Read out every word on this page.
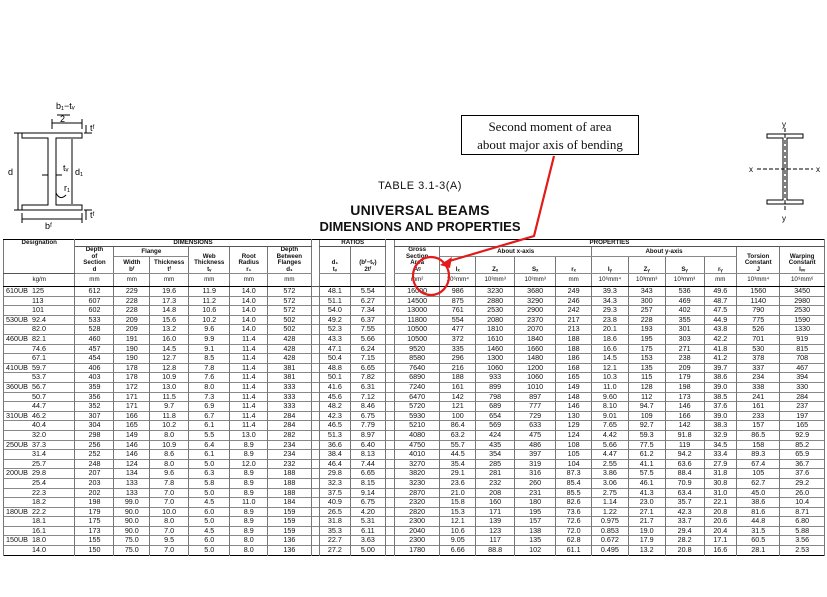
b₁−tᵥ
2
tᶠ
d	d₁
tᵥ
r₁
bᶠ
tᶠ
y
x	x
y
TABLE 3.1-3(A)
UNIVERSAL BEAMS
DIMENSIONS AND PROPERTIES
Second moment of area
about major axis of bending
Designation	DIMENSIONS							RATIOS			PROPERTIES										

	Depth
of
Section
d	Flange		Web
Thickness
tᵥ	Root
Radius
r₁	Depth
Between
Flanges
d₁		d₁
tᵥ	(bᶠ−tᵥ)
2tᶠ		Gross
Section
Area
Aᵍ	About x-axis				About y-axis				Torsion
Constant
J	Warping
Constant
Iᵥᵥ

		Width
bᶠ	Thickness
tᶠ									Iₓ	Zₓ	Sₓ	rₓ	Iᵧ	Zᵧ	Sᵧ	rᵧ		
kg/m	mm	mm	mm	mm	mm	mm					mm²	10⁶mm⁴	10³mm³	10³mm³	mm	10⁶mm⁴	10³mm³	10³mm³	mm	10³mm⁴	10⁹mm⁶
610UB 125	612	229	19.6	11.9	14.0	572		48.1	5.54		16000	986	3230	3680	249	39.3	343	536	49.6	1560	3450
113	607	228	17.3	11.2	14.0	572		51.1	6.27		14500	875	2880	3290	246	34.3	300	469	48.7	1140	2980
101	602	228	14.8	10.6	14.0	572		54.0	7.34		13000	761	2530	2900	242	29.3	257	402	47.5	790	2530
530UB 92.4	533	209	15.6	10.2	14.0	502		49.2	6.37		11800	554	2080	2370	217	23.8	228	355	44.9	775	1590
82.0	528	209	13.2	9.6	14.0	502		52.3	7.55		10500	477	1810	2070	213	20.1	193	301	43.8	526	1330
460UB 82.1	460	191	16.0	9.9	11.4	428		43.3	5.66		10500	372	1610	1840	188	18.6	195	303	42.2	701	919
74.6	457	190	14.5	9.1	11.4	428		47.1	6.24		9520	335	1460	1660	188	16.6	175	271	41.8	530	815
67.1	454	190	12.7	8.5	11.4	428		50.4	7.15		8580	296	1300	1480	186	14.5	153	238	41.2	378	708
410UB 59.7	406	178	12.8	7.8	11.4	381		48.8	6.65		7640	216	1060	1200	168	12.1	135	209	39.7	337	467
53.7	403	178	10.9	7.6	11.4	381		50.1	7.82		6890	188	933	1060	165	10.3	115	179	38.6	234	394
360UB 56.7	359	172	13.0	8.0	11.4	333		41.6	6.31		7240	161	899	1010	149	11.0	128	198	39.0	338	330
50.7	356	171	11.5	7.3	11.4	333		45.6	7.12		6470	142	798	897	148	9.60	112	173	38.5	241	284
44.7	352	171	9.7	6.9	11.4	333		48.2	8.46		5720	121	689	777	146	8.10	94.7	146	37.6	161	237
310UB 46.2	307	166	11.8	6.7	11.4	284		42.3	6.75		5930	100	654	729	130	9.01	109	166	39.0	233	197
40.4	304	165	10.2	6.1	11.4	284		46.5	7.79		5210	86.4	569	633	129	7.65	92.7	142	38.3	157	165
32.0	298	149	8.0	5.5	13.0	282		51.3	8.97		4080	63.2	424	475	124	4.42	59.3	91.8	32.9	86.5	92.9
250UB 37.3	256	146	10.9	6.4	8.9	234		36.6	6.40		4750	55.7	435	486	108	5.66	77.5	119	34.5	158	85.2
31.4	252	146	8.6	6.1	8.9	234		38.4	8.13		4010	44.5	354	397	105	4.47	61.2	94.2	33.4	89.3	65.9
25.7	248	124	8.0	5.0	12.0	232		46.4	7.44		3270	35.4	285	319	104	2.55	41.1	63.6	27.9	67.4	36.7
200UB 29.8	207	134	9.6	6.3	8.9	188		29.8	6.65		3820	29.1	281	316	87.3	3.86	57.5	88.4	31.8	105	37.6
25.4	203	133	7.8	5.8	8.9	188		32.3	8.15		3230	23.6	232	260	85.4	3.06	46.1	70.9	30.8	62.7	29.2
22.3	202	133	7.0	5.0	8.9	188		37.5	9.14		2870	21.0	208	231	85.5	2.75	41.3	63.4	31.0	45.0	26.0
18.2	198	99.0	7.0	4.5	11.0	184		40.9	6.75		2320	15.8	160	180	82.6	1.14	23.0	35.7	22.1	38.6	10.4
180UB 22.2	179	90.0	10.0	6.0	8.9	159		26.5	4.20		2820	15.3	171	195	73.6	1.22	27.1	42.3	20.8	81.6	8.71
18.1	175	90.0	8.0	5.0	8.9	159		31.8	5.31		2300	12.1	139	157	72.6	0.975	21.7	33.7	20.6	44.8	6.80
16.1	173	90.0	7.0	4.5	8.9	159		35.3	6.11		2040	10.6	123	138	72.0	0.853	19.0	29.4	20.4	31.5	5.88
150UB 18.0	155	75.0	9.5	6.0	8.0	136		22.7	3.63		2300	9.05	117	135	62.8	0.672	17.9	28.2	17.1	60.5	3.56
14.0	150	75.0	7.0	5.0	8.0	136		27.2	5.00		1780	6.66	88.8	102	61.1	0.495	13.2	20.8	16.6	28.1	2.53
